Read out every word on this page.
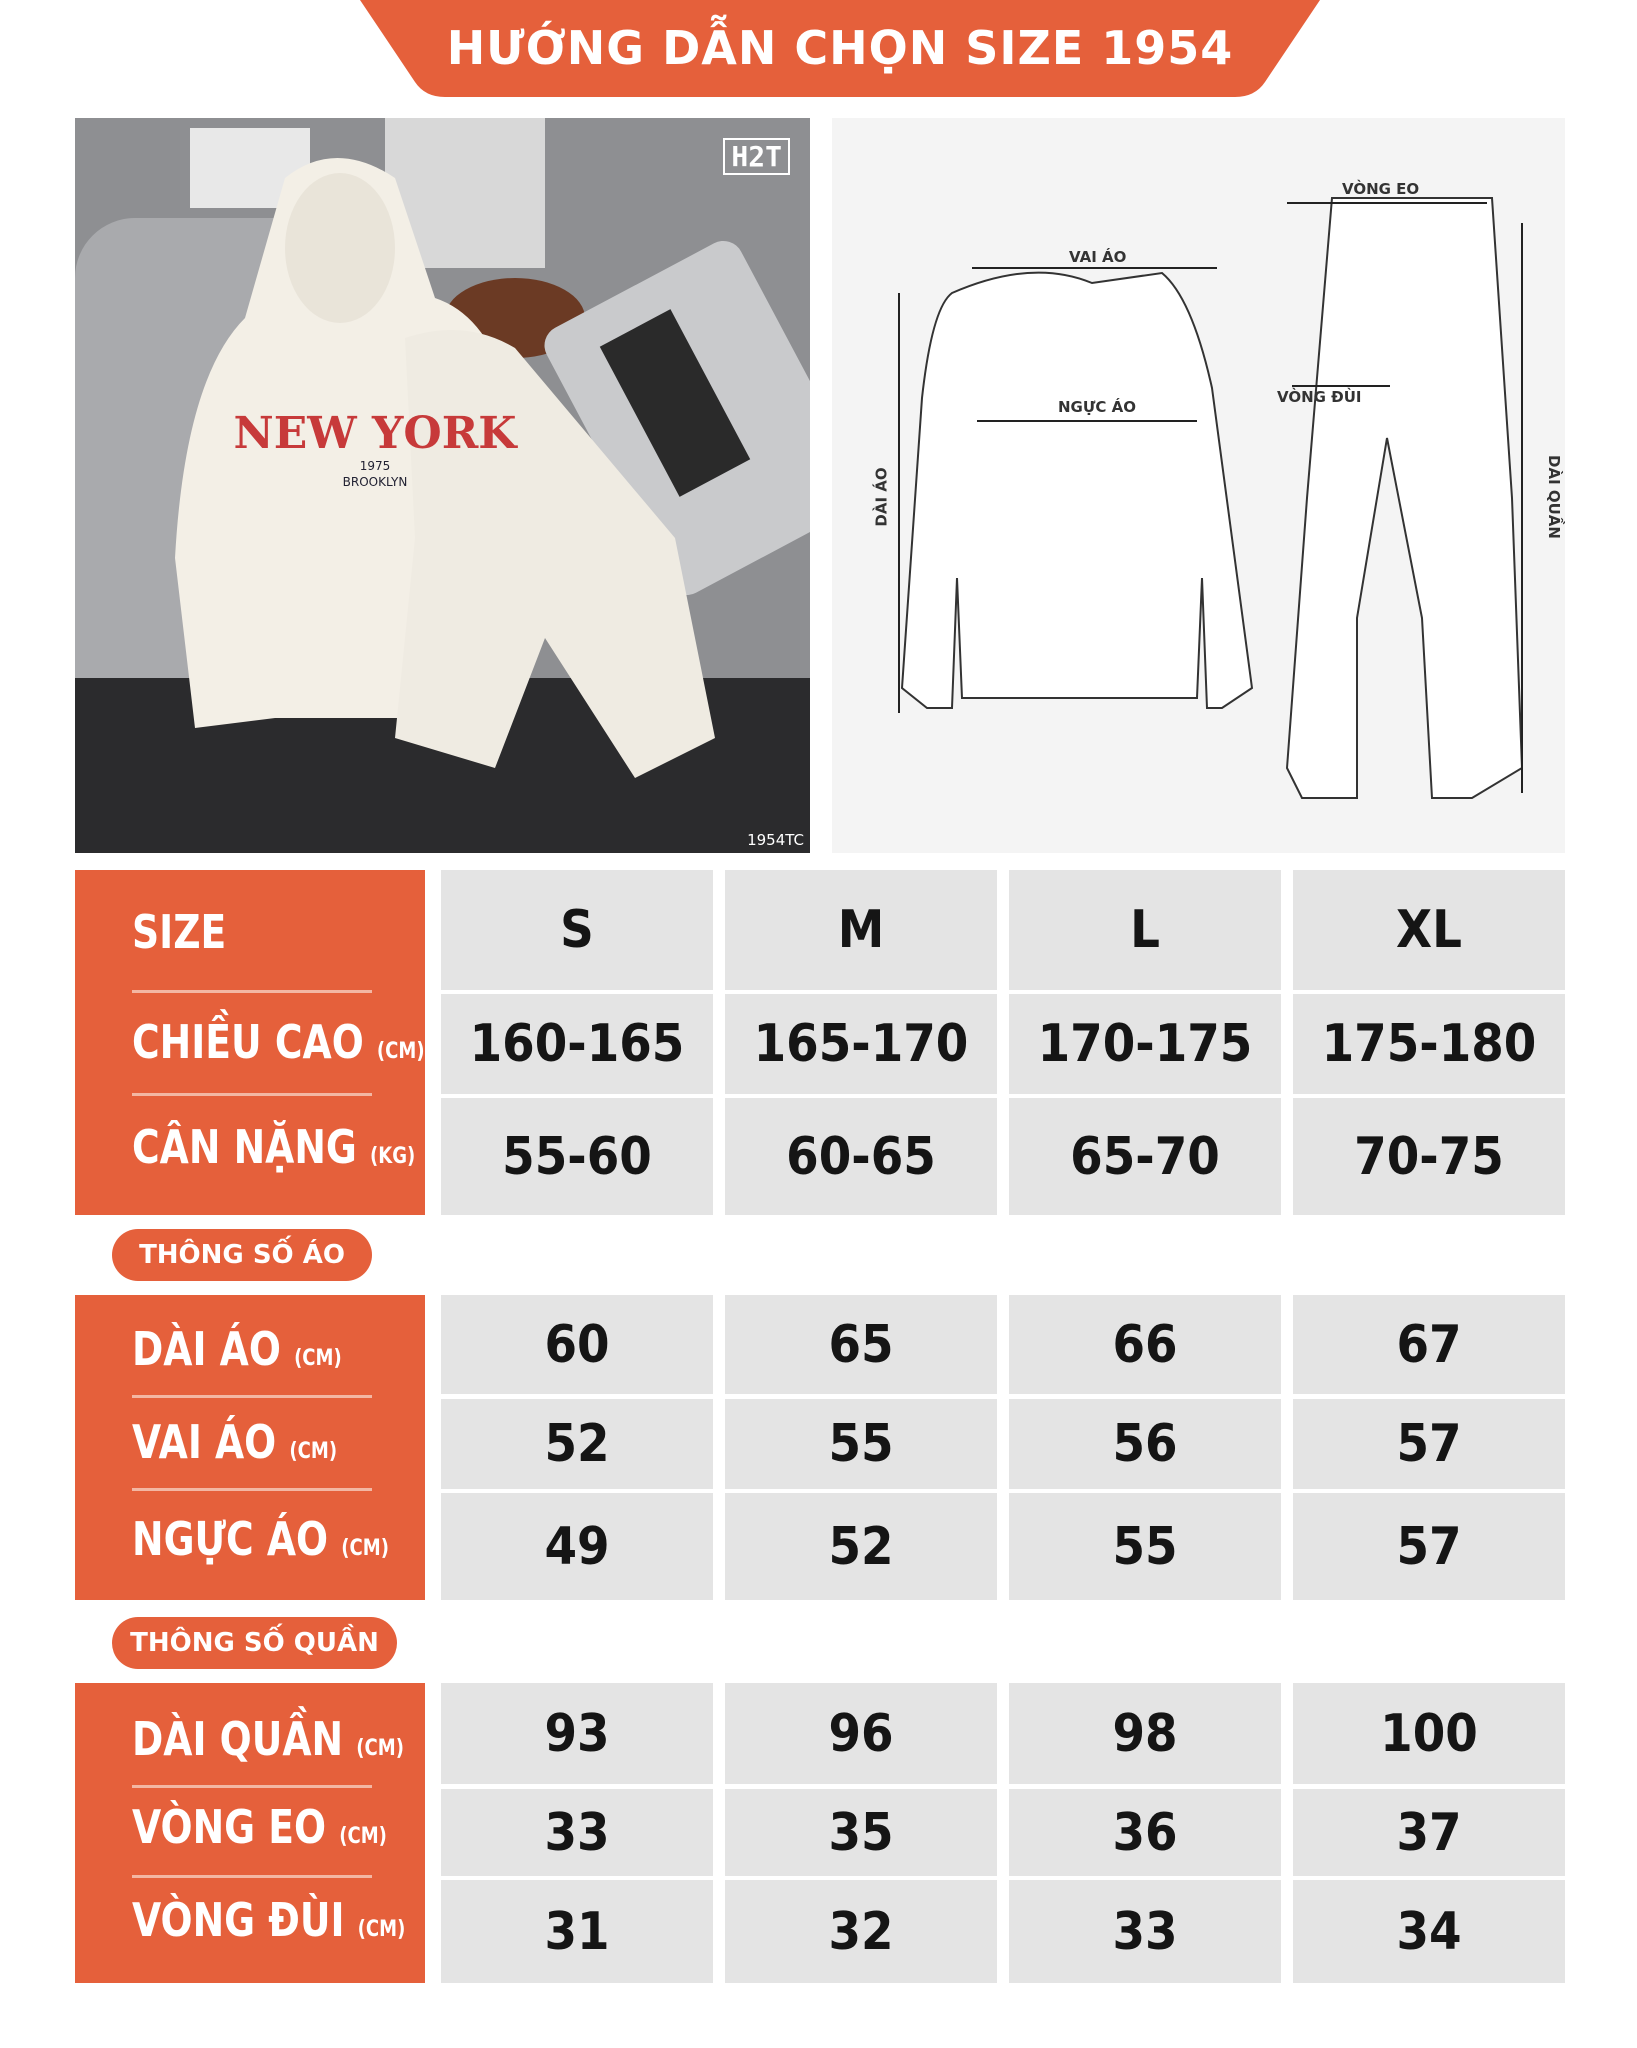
HƯỚNG DẪN CHỌN SIZE 1954
NEW YORK
1975
BROOKLYN
H2T
1954TC
VÒNG EO
VAI ÁO
NGỰC ÁO
VÒNG ĐÙI
DÀI ÁO	DÀI QUẦN
SIZE	S	M	L	XL
CHIỀU CAO (CM) 160-165	165-170	170-175	175-180
CÂN NẶNG (KG)	55-60	60-65	65-70	70-75
THÔNG SỐ ÁO
DÀI ÁO (CM)	60	65	66	67
VAI ÁO (CM)	52	55	56	57
NGỰC ÁO (CM)	49	52	55	57
THÔNG SỐ QUẦN
DÀI QUẦN (CM)	93	96	98	100
VÒNG EO (CM)	33	35	36	37
VÒNG ĐÙI (CM)	31	32	33	34
